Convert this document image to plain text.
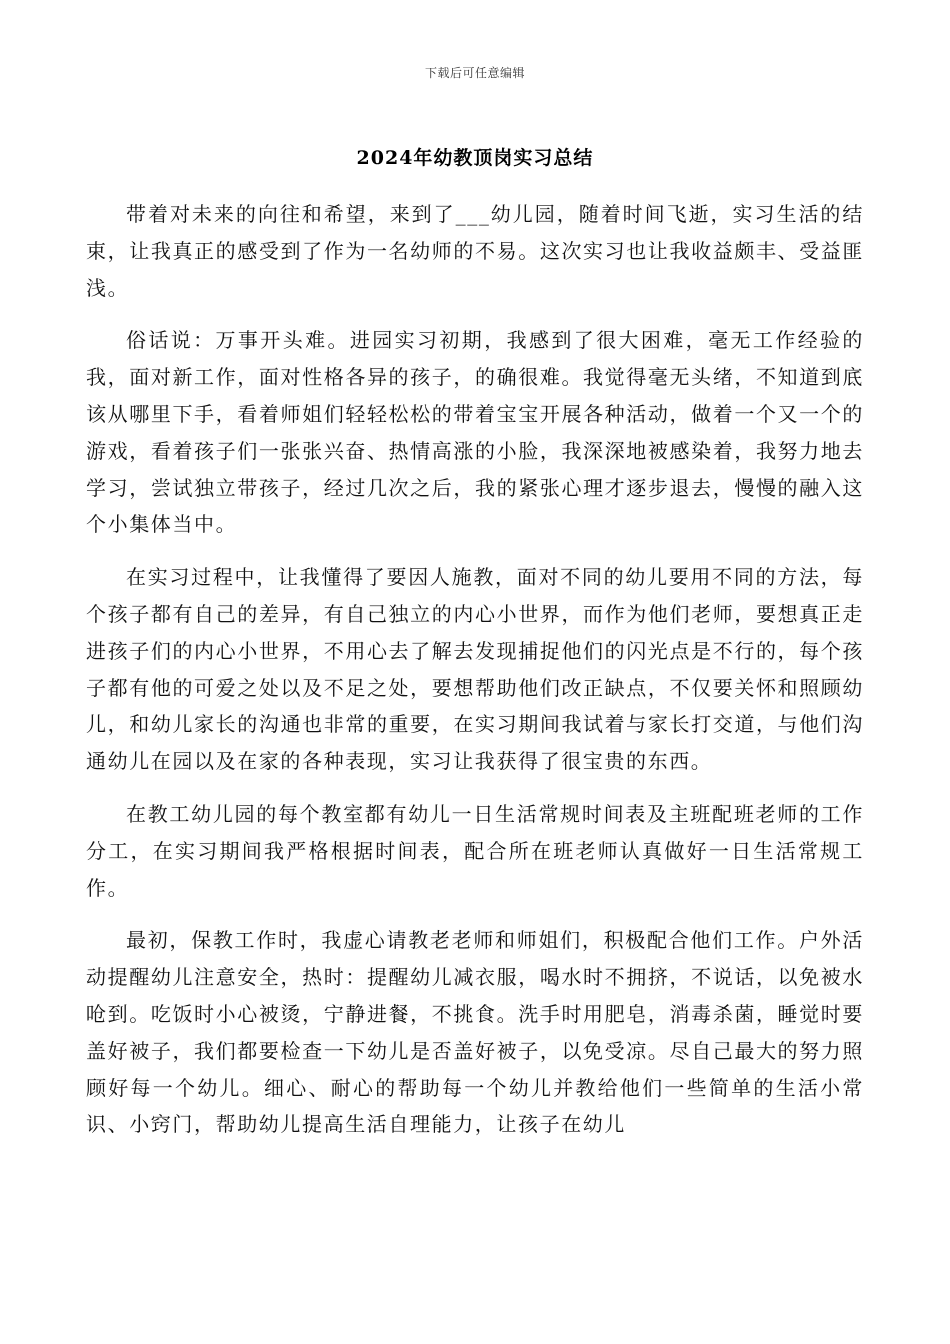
下载后可任意编辑
2024年幼教顶岗实习总结

带着对未来的向往和希望，来到了___幼儿园，随着时间飞逝，实习生活的结束，让我真正的感受到了作为一名幼师的不易。这次实习也让我收益颇丰、受益匪浅。

俗话说：万事开头难。进园实习初期，我感到了很大困难，毫无工作经验的我，面对新工作，面对性格各异的孩子，的确很难。我觉得毫无头绪，不知道到底该从哪里下手，看着师姐们轻轻松松的带着宝宝开展各种活动，做着一个又一个的游戏，看着孩子们一张张兴奋、热情高涨的小脸，我深深地被感染着，我努力地去学习，尝试独立带孩子，经过几次之后，我的紧张心理才逐步退去，慢慢的融入这个小集体当中。

在实习过程中，让我懂得了要因人施教，面对不同的幼儿要用不同的方法，每个孩子都有自己的差异，有自己独立的内心小世界，而作为他们老师，要想真正走进孩子们的内心小世界，不用心去了解去发现捕捉他们的闪光点是不行的，每个孩子都有他的可爱之处以及不足之处，要想帮助他们改正缺点，不仅要关怀和照顾幼儿，和幼儿家长的沟通也非常的重要，在实习期间我试着与家长打交道，与他们沟通幼儿在园以及在家的各种表现，实习让我获得了很宝贵的东西。

在教工幼儿园的每个教室都有幼儿一日生活常规时间表及主班配班老师的工作分工，在实习期间我严格根据时间表，配合所在班老师认真做好一日生活常规工作。

最初，保教工作时，我虚心请教老老师和师姐们，积极配合他们工作。户外活动提醒幼儿注意安全，热时：提醒幼儿减衣服，喝水时不拥挤，不说话，以免被水呛到。吃饭时小心被烫，宁静进餐，不挑食。洗手时用肥皂，消毒杀菌，睡觉时要盖好被子，我们都要检查一下幼儿是否盖好被子，以免受凉。尽自己最大的努力照顾好每一个幼儿。细心、耐心的帮助每一个幼儿并教给他们一些简单的生活小常识、小窍门，帮助幼儿提高生活自理能力，让孩子在幼儿
